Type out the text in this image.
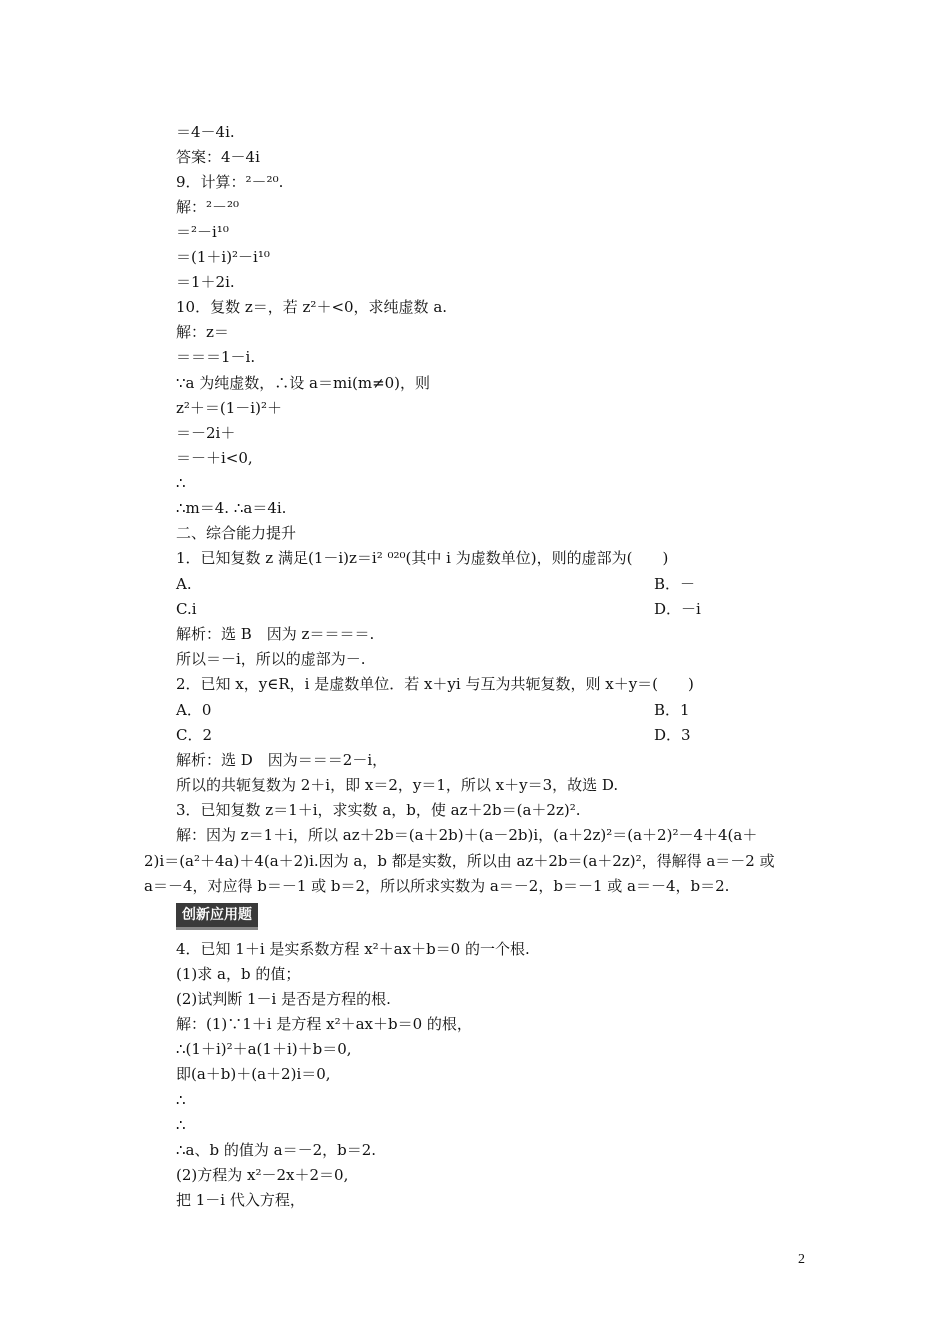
＝4－4i.
答案：4－4i
9．计算：²－²⁰.
解：²－²⁰
＝²－i¹⁰
＝(1＋i)²－i¹⁰
＝1＋2i.
10．复数 z＝，若 z²＋<0，求纯虚数 a.
解：z＝
＝＝＝1－i.
∵a 为纯虚数，∴设 a＝mi(m≠0)，则
z²＋＝(1－i)²＋
＝－2i＋
＝－＋i<0,
∴
∴m＝4. ∴a＝4i.
二、综合能力提升
1．已知复数 z 满足(1－i)z＝i² ⁰²⁰(其中 i 为虚数单位)，则的虚部为(　　)
A.	B．－
C.i	D．－i
解析：选 B　因为 z＝＝＝＝.
所以＝－i，所以的虚部为－.
2．已知 x，y∈R，i 是虚数单位．若 x＋yi 与互为共轭复数，则 x＋y＝(　　)
A．0	B．1
C．2	D．3
解析：选 D　因为＝＝＝2－i，
所以的共轭复数为 2＋i，即 x＝2，y＝1，所以 x＋y＝3，故选 D.
3．已知复数 z＝1＋i，求实数 a，b，使 az＋2b＝(a＋2z)².
解：因为 z＝1＋i，所以 az＋2b＝(a＋2b)＋(a－2b)i，(a＋2z)²＝(a＋2)²－4＋4(a＋
2)i＝(a²＋4a)＋4(a＋2)i.因为 a，b 都是实数，所以由 az＋2b＝(a＋2z)²，得解得 a＝－2 或
a＝－4，对应得 b＝－1 或 b＝2，所以所求实数为 a＝－2，b＝－1 或 a＝－4，b＝2.
创新应用题
4．已知 1＋i 是实系数方程 x²＋ax＋b＝0 的一个根.
(1)求 a，b 的值；
(2)试判断 1－i 是否是方程的根.
解：(1)∵1＋i 是方程 x²＋ax＋b＝0 的根，
∴(1＋i)²＋a(1＋i)＋b＝0,
即(a＋b)＋(a＋2)i＝0,
∴
∴
∴a、b 的值为 a＝－2，b＝2.
(2)方程为 x²－2x＋2＝0,
把 1－i 代入方程，
2
